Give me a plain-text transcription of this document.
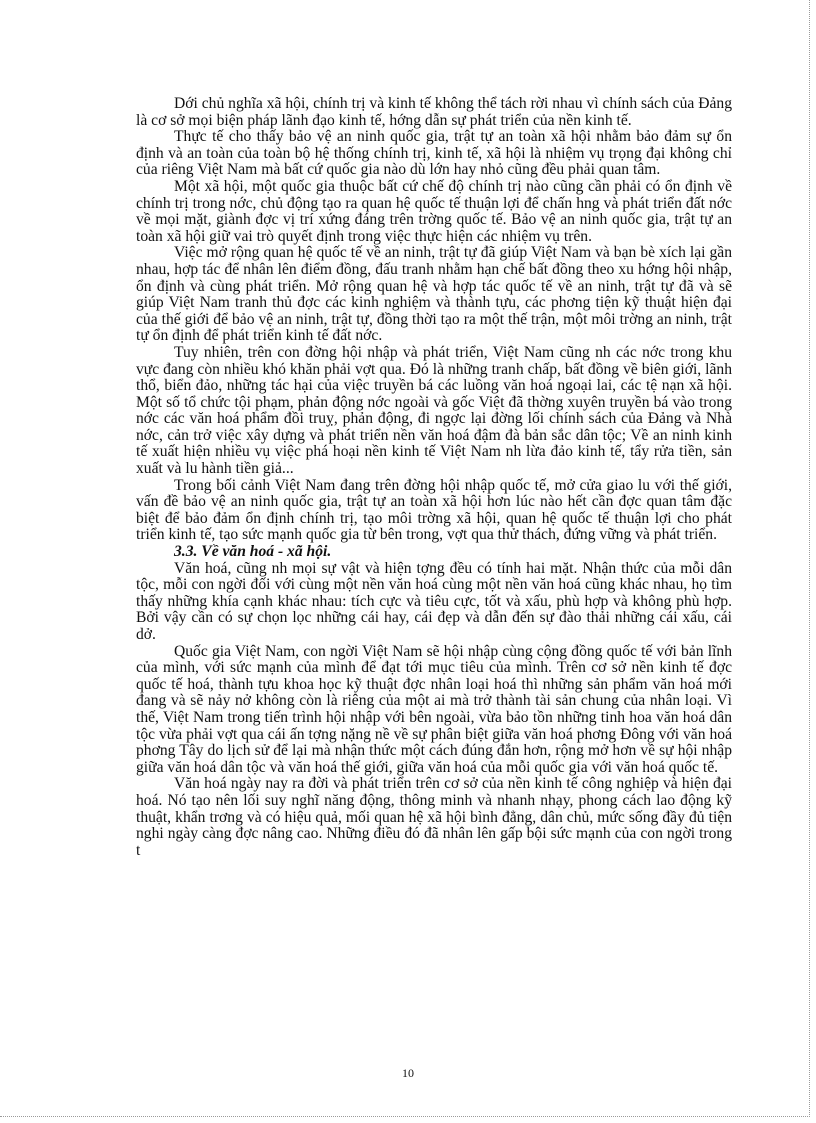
Dới chủ nghĩa xã hội, chính trị và kinh tế không thể tách rời nhau vì chính sách của Đảng là cơ sở mọi biện pháp lãnh đạo kinh tế, hớng dẫn sự phát triển của nền kinh tế.

Thực tế cho thấy bảo vệ an ninh quốc gia, trật tự an toàn xã hội nhằm bảo đảm sự ổn định và an toàn của toàn bộ hệ thống chính trị, kinh tế, xã hội là nhiệm vụ trọng đại không chỉ của riêng Việt Nam mà bất cứ quốc gia nào dù lớn hay nhỏ cũng đều phải quan tâm.

Một xã hội, một quốc gia thuộc bất cứ chế độ chính trị nào cũng cần phải có ổn định về chính trị trong nớc, chủ động tạo ra quan hệ quốc tế thuận lợi để chấn hng và phát triển đất nớc về mọi mặt, giành đợc vị trí xứng đáng trên trờng quốc tế. Bảo vệ an ninh quốc gia, trật tự an toàn xã hội giữ vai trò quyết định trong việc thực hiện các nhiệm vụ trên.

Việc mở rộng quan hệ quốc tế về an ninh, trật tự đã giúp Việt Nam và bạn bè xích lại gần nhau, hợp tác để nhân lên điểm đồng, đấu tranh nhằm hạn chế bất đồng theo xu hớng hội nhập, ổn định và cùng phát triển. Mở rộng quan hệ và hợp tác quốc tế về an ninh, trật tự đã và sẽ giúp Việt Nam tranh thủ đợc các kinh nghiệm và thành tựu, các phơng tiện kỹ thuật hiện đại của thế giới để bảo vệ an ninh, trật tự, đồng thời tạo ra một thế trận, một môi trờng an ninh, trật tự ổn định để phát triển kinh tế đất nớc.

Tuy nhiên, trên con đờng hội nhập và phát triển, Việt Nam cũng nh các nớc trong khu vực đang còn nhiều khó khăn phải vợt qua. Đó là những tranh chấp, bất đồng về biên giới, lãnh thổ, biển đảo, những tác hại của việc truyền bá các luồng văn hoá ngoại lai, các tệ nạn xã hội. Một số tổ chức tội phạm, phản động nớc ngoài và gốc Việt đã thờng xuyên truyền bá vào trong nớc các văn hoá phẩm đồi truỵ, phản động, đi ngợc lại đờng lối chính sách của Đảng và Nhà nớc, cản trở việc xây dựng và phát triển nền văn hoá đậm đà bản sắc dân tộc; Về an ninh kinh tế xuất hiện nhiều vụ việc phá hoại nền kinh tế Việt Nam nh lừa đảo kinh tế, tẩy rửa tiền, sản xuất và lu hành tiền giả...

Trong bối cảnh Việt Nam đang trên đờng hội nhập quốc tế, mở cửa giao lu với thế giới, vấn đề bảo vệ an ninh quốc gia, trật tự an toàn xã hội hơn lúc nào hết cần đợc quan tâm đặc biệt để bảo đảm ổn định chính trị, tạo môi trờng xã hội, quan hệ quốc tế thuận lợi cho phát triển kinh tế, tạo sức mạnh quốc gia từ bên trong, vợt qua thử thách, đứng vững và phát triển.

3.3. Về văn hoá - xã hội.

Văn hoá, cũng nh mọi sự vật và hiện tợng đều có tính hai mặt. Nhận thức của mỗi dân tộc, mỗi con ngời đối với cùng một nền văn hoá cùng một nền văn hoá cũng khác nhau, họ tìm thấy những khía cạnh khác nhau: tích cực và tiêu cực, tốt và xấu, phù hợp và không phù hợp. Bởi vậy cần có sự chọn lọc những cái hay, cái đẹp và dẫn đến sự đào thải những cái xấu, cái dở.

Quốc gia Việt Nam, con ngời Việt Nam sẽ hội nhập cùng cộng đồng quốc tế với bản lĩnh của mình, với sức mạnh của mình để đạt tới mục tiêu của mình. Trên cơ sở nền kinh tế đợc quốc tế hoá, thành tựu khoa học kỹ thuật đợc nhân loại hoá thì những sản phẩm văn hoá mới đang và sẽ nảy nở không còn là riêng của một ai mà trở thành tài sản chung của nhân loại. Vì thế, Việt Nam trong tiến trình hội nhập với bên ngoài, vừa bảo tồn những tinh hoa văn hoá dân tộc vừa phải vợt qua cái ấn tợng nặng nề về sự phân biệt giữa văn hoá phơng Đông với văn hoá phơng Tây do lịch sử để lại mà nhận thức một cách đúng đắn hơn, rộng mở hơn về sự hội nhập giữa văn hoá dân tộc và văn hoá thế giới, giữa văn hoá của mỗi quốc gia với văn hoá quốc tế.

Văn hoá ngày nay ra đời và phát triển trên cơ sở của nền kinh tế công nghiệp và hiện đại hoá. Nó tạo nên lối suy nghĩ năng động, thông minh và nhanh nhạy, phong cách lao động kỹ thuật, khẩn trơng và có hiệu quả, mối quan hệ xã hội bình đẳng, dân chủ, mức sống đầy đủ tiện nghi ngày càng đợc nâng cao. Những điều đó đã nhân lên gấp bội sức mạnh của con ngời trong t

10
